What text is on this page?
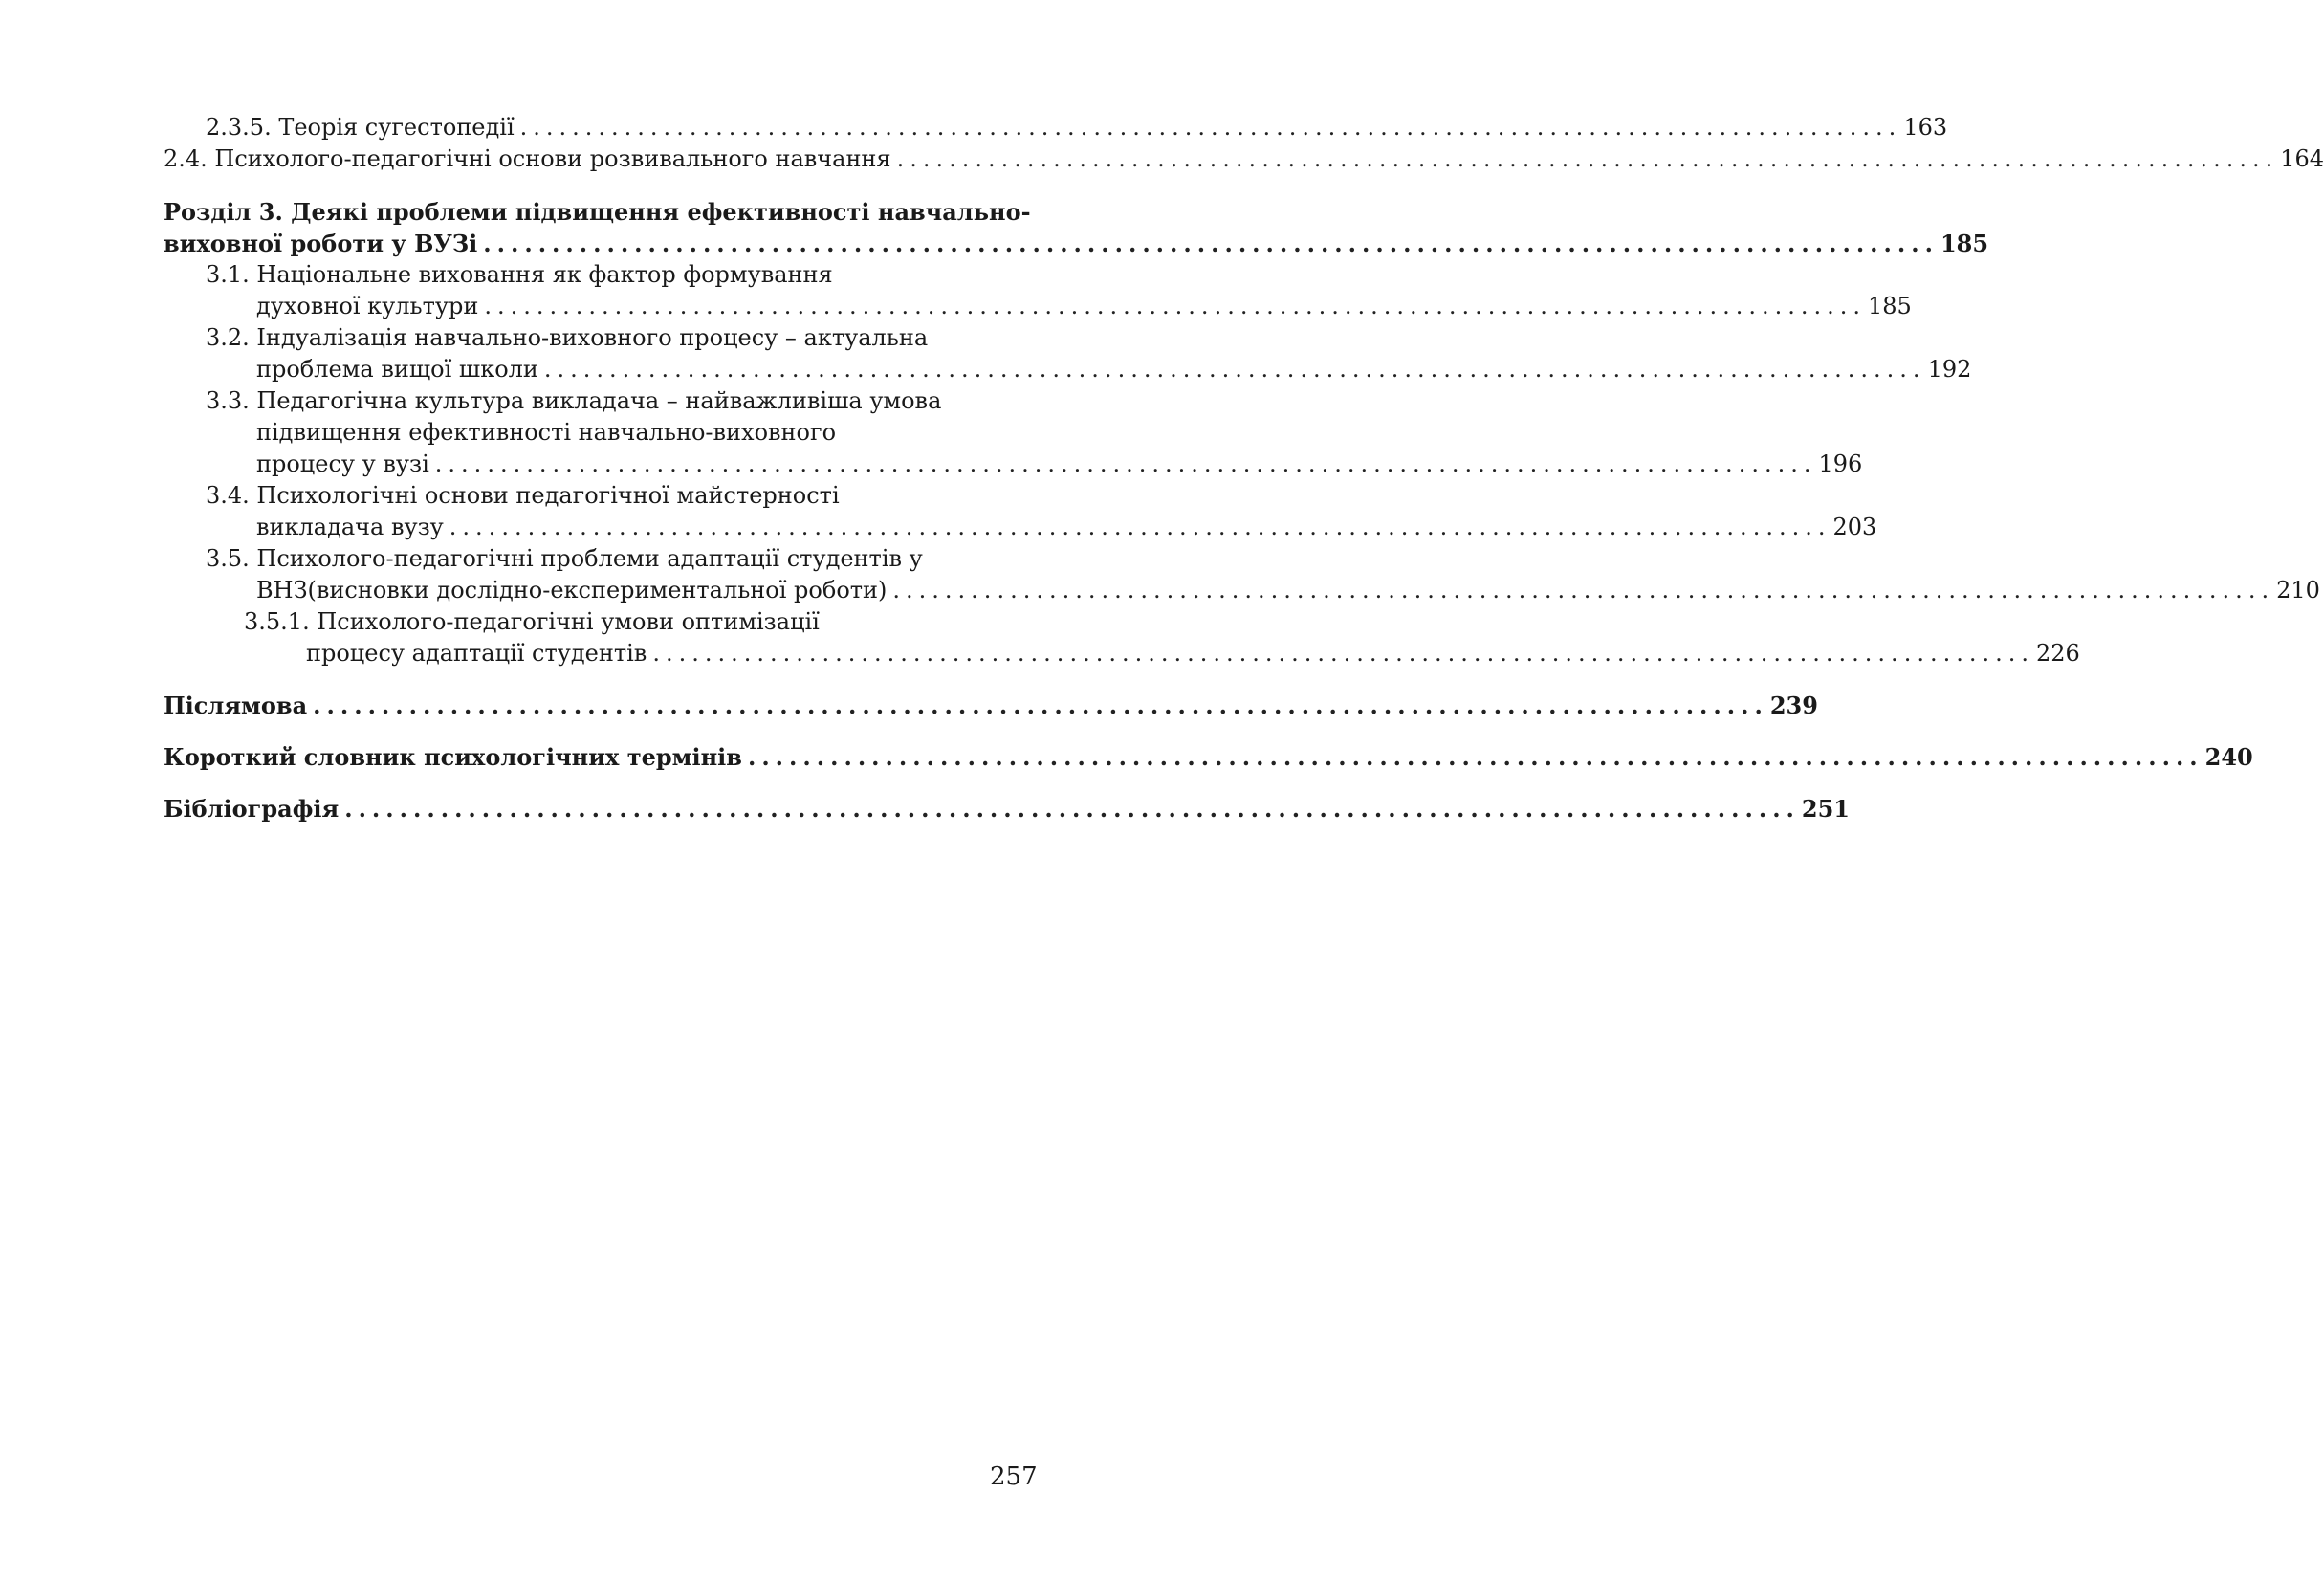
2.3.5. Теорія сугестопедії .......................................................................................................... 163
2.4. Психолого-педагогічні основи розвивального навчання .......................................................................................................... 164
Розділ 3. Деякі проблеми підвищення ефективності навчально-
виховної роботи у ВУЗі .......................................................................................................... 185
3.1. Національне виховання як фактор формування
духовної культури .......................................................................................................... 185
3.2. Індуалізація навчально-виховного процесу – актуальна
проблема вищої школи .......................................................................................................... 192
3.3. Педагогічна культура викладача – найважливіша умова
підвищення ефективності навчально-виховного
процесу у вузі .......................................................................................................... 196
3.4. Психологічні основи педагогічної майстерності
викладача вузу .......................................................................................................... 203
3.5. Психолого-педагогічні проблеми адаптації студентів у
ВНЗ(висновки дослідно-експериментальної роботи) .......................................................................................................... 210
3.5.1. Психолого-педагогічні умови оптимізації
процесу адаптації студентів .......................................................................................................... 226
Післямова .......................................................................................................... 239
Короткий словник психологічних термінів .......................................................................................................... 240
Бібліографія .......................................................................................................... 251
257
